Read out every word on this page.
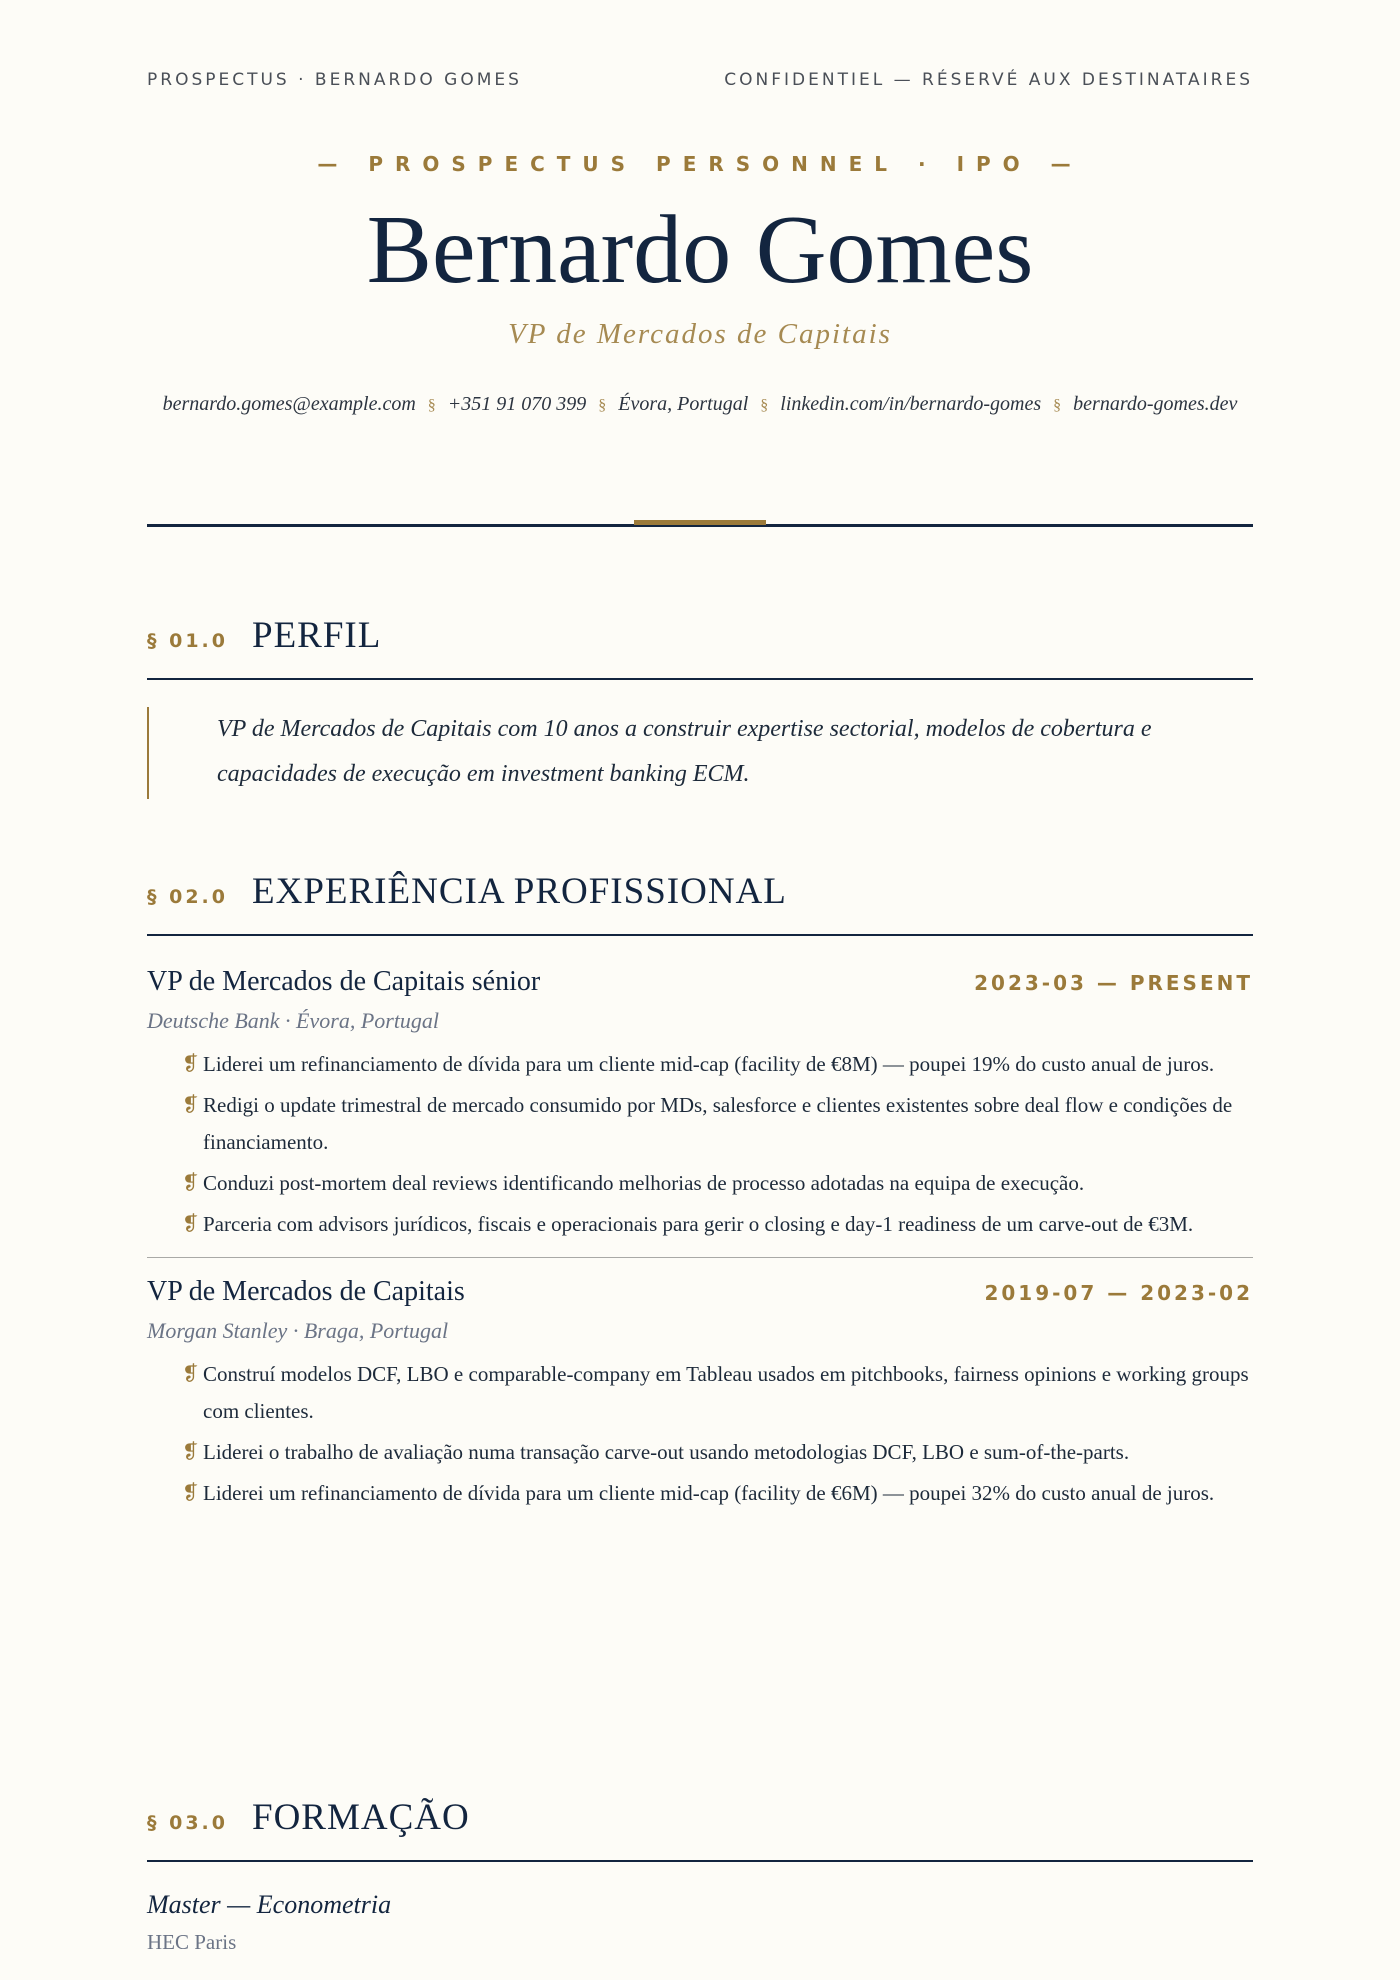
PROSPECTUS · BERNARDO GOMES	CONFIDENTIEL — RÉSERVÉ AUX DESTINATAIRES
— PROSPECTUS PERSONNEL · IPO —
Bernardo Gomes
VP de Mercados de Capitais
bernardo.gomes@example.com § +351 91 070 399 § Évora, Portugal § linkedin.com/in/bernardo-gomes § bernardo-gomes.dev
§ 01.0 PERFIL
VP de Mercados de Capitais com 10 anos a construir expertise sectorial, modelos de cobertura e capacidades de execução em investment banking ECM.
§ 02.0 EXPERIÊNCIA PROFISSIONAL
VP de Mercados de Capitais sénior	2023-03 — PRESENT
Deutsche Bank · Évora, Portugal
❡ Liderei um refinanciamento de dívida para um cliente mid-cap (facility de €8M) — poupei 19% do custo anual de juros.
❡ Redigi o update trimestral de mercado consumido por MDs, salesforce e clientes existentes sobre deal flow e condições de financiamento.
❡ Conduzi post-mortem deal reviews identificando melhorias de processo adotadas na equipa de execução.
❡ Parceria com advisors jurídicos, fiscais e operacionais para gerir o closing e day-1 readiness de um carve-out de €3M.
VP de Mercados de Capitais	2019-07 — 2023-02
Morgan Stanley · Braga, Portugal
❡ Construí modelos DCF, LBO e comparable-company em Tableau usados em pitchbooks, fairness opinions e working groups com clientes.
❡ Liderei o trabalho de avaliação numa transação carve-out usando metodologias DCF, LBO e sum-of-the-parts.
❡ Liderei um refinanciamento de dívida para um cliente mid-cap (facility de €6M) — poupei 32% do custo anual de juros.
§ 03.0 FORMAÇÃO
Master — Econometria
HEC Paris
